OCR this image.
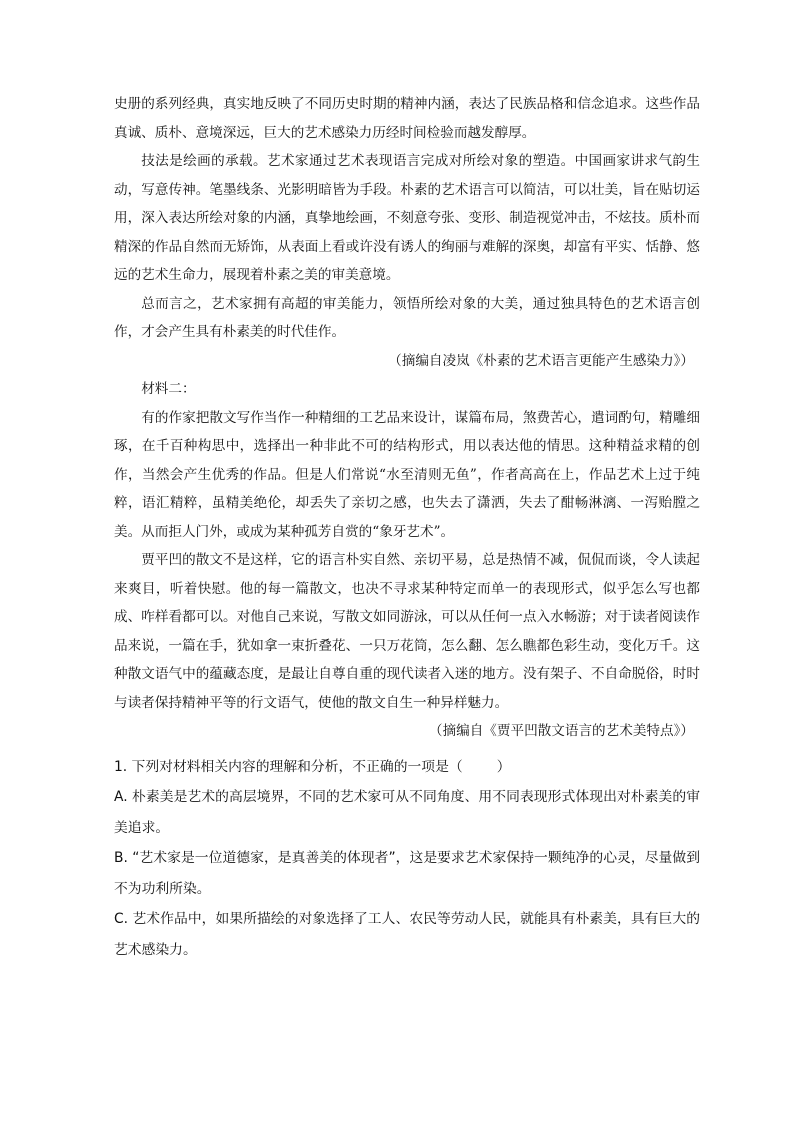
史册的系列经典，真实地反映了不同历史时期的精神内涵，表达了民族品格和信念追求。这些作品真诚、质朴、意境深远，巨大的艺术感染力历经时间检验而越发醇厚。

技法是绘画的承载。艺术家通过艺术表现语言完成对所绘对象的塑造。中国画家讲求气韵生动，写意传神。笔墨线条、光影明暗皆为手段。朴素的艺术语言可以简洁，可以壮美，旨在贴切运用，深入表达所绘对象的内涵，真挚地绘画，不刻意夸张、变形、制造视觉冲击，不炫技。质朴而精深的作品自然而无矫饰，从表面上看或许没有诱人的绚丽与难解的深奥，却富有平实、恬静、悠远的艺术生命力，展现着朴素之美的审美意境。

总而言之，艺术家拥有高超的审美能力，领悟所绘对象的大美，通过独具特色的艺术语言创作，才会产生具有朴素美的时代佳作。

（摘编自凌岚《朴素的艺术语言更能产生感染力》）

材料二：

有的作家把散文写作当作一种精细的工艺品来设计，谋篇布局，煞费苦心，遣词酌句，精雕细琢，在千百种构思中，选择出一种非此不可的结构形式，用以表达他的情思。这种精益求精的创作，当然会产生优秀的作品。但是人们常说“水至清则无鱼”，作者高高在上，作品艺术上过于纯粹，语汇精粹，虽精美绝伦，却丢失了亲切之感，也失去了潇洒，失去了酣畅淋漓、一泻贻膛之美。从而拒人门外，或成为某种孤芳自赏的“象牙艺术”。

贾平凹的散文不是这样，它的语言朴实自然、亲切平易，总是热情不减，侃侃而谈，令人读起来爽目，听着快慰。他的每一篇散文，也决不寻求某种特定而单一的表现形式，似乎怎么写也都成、咋样看都可以。对他自己来说，写散文如同游泳，可以从任何一点入水畅游；对于读者阅读作品来说，一篇在手，犹如拿一束折叠花、一只万花筒，怎么翻、怎么瞧都色彩生动，变化万千。这种散文语气中的蕴藏态度，是最让自尊自重的现代读者入迷的地方。没有架子、不自命脱俗，时时与读者保持精神平等的行文语气，使他的散文自生一种异样魅力。

（摘编自《贾平凹散文语言的艺术美特点》）

1. 下列对材料相关内容的理解和分析，不正确的一项是（ ）

A. 朴素美是艺术的高层境界，不同的艺术家可从不同角度、用不同表现形式体现出对朴素美的审美追求。

B. “艺术家是一位道德家，是真善美的体现者”，这是要求艺术家保持一颗纯净的心灵，尽量做到不为功利所染。

C. 艺术作品中，如果所描绘的对象选择了工人、农民等劳动人民，就能具有朴素美，具有巨大的艺术感染力。
